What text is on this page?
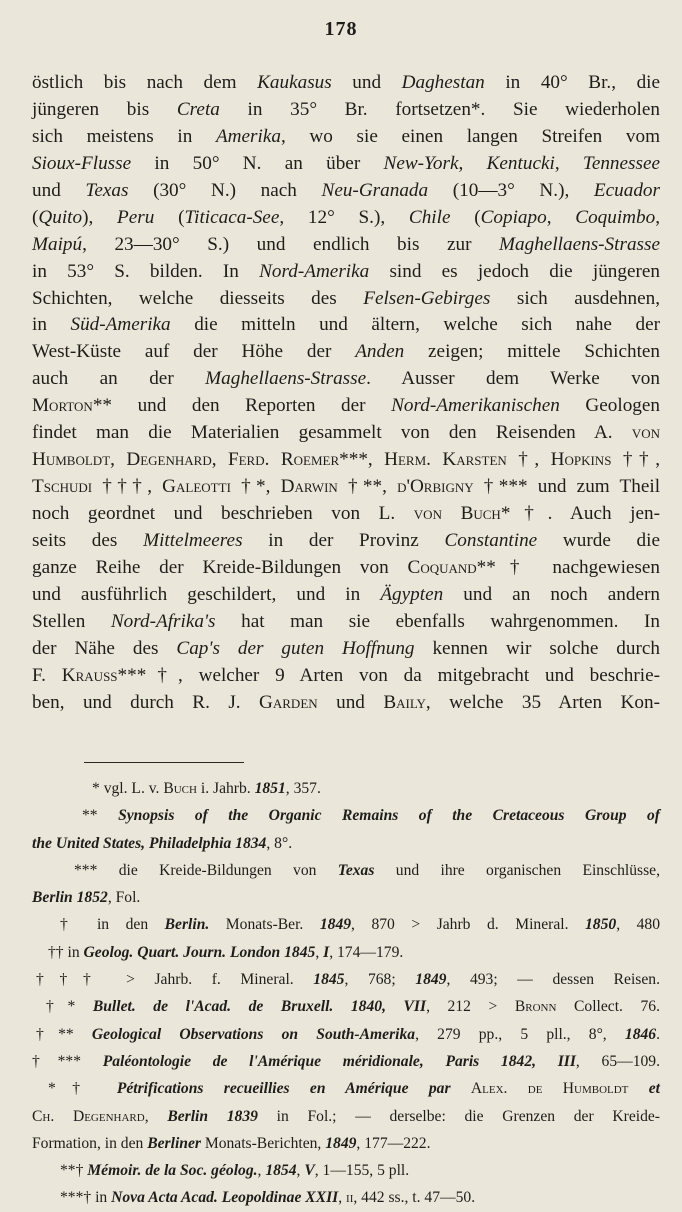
178
östlich bis nach dem Kaukasus und Daghestan in 40° Br., die
jüngeren bis Creta in 35° Br. fortsetzen*. Sie wiederholen
sich meistens in Amerika, wo sie einen langen Streifen vom
Sioux-Flusse in 50° N. an über New-York, Kentucki, Tennessee
und Texas (30° N.) nach Neu-Granada (10—3° N.), Ecuador
(Quito), Peru (Titicaca-See, 12° S.), Chile (Copiapo, Coquimbo,
Maipú, 23—30° S.) und endlich bis zur Maghellaens-Strasse
in 53° S. bilden. In Nord-Amerika sind es jedoch die jüngeren
Schichten, welche diesseits des Felsen-Gebirges sich ausdehnen,
in Süd-Amerika die mitteln und ältern, welche sich nahe der
West-Küste auf der Höhe der Anden zeigen; mittele Schichten
auch an der Maghellaens-Strasse. Ausser dem Werke von
Morton** und den Reporten der Nord-Amerikanischen Geologen
findet man die Materialien gesammelt von den Reisenden A. von
Humboldt, Degenhard, Ferd. Roemer***, Herm. Karsten †, Hopkins ††,
Tschudi †††, Galeotti †*, Darwin †**, d'Orbigny †*** und zum Theil
noch geordnet und beschrieben von L. von Buch*†. Auch jen-
seits des Mittelmeeres in der Provinz Constantine wurde die
ganze Reihe der Kreide-Bildungen von Coquand**† nachgewiesen
und ausführlich geschildert, und in Ägypten und an noch andern
Stellen Nord-Afrika's hat man sie ebenfalls wahrgenommen. In
der Nähe des Cap's der guten Hoffnung kennen wir solche durch
F. Krauss***†, welcher 9 Arten von da mitgebracht und beschrie-
ben, und durch R. J. Garden und Baily, welche 35 Arten Kon-
* vgl. L. v. Buch i. Jahrb. 1851, 357.
** Synopsis of the Organic Remains of the Cretaceous Group of
the United States, Philadelphia 1834, 8°.
*** die Kreide-Bildungen von Texas und ihre organischen Einschlüsse,
Berlin 1852, Fol.
† in den Berlin. Monats-Ber. 1849, 870 > Jahrb d. Mineral. 1850, 480
†† in Geolog. Quart. Journ. London 1845, I, 174—179.
††† > Jahrb. f. Mineral. 1845, 768; 1849, 493; — dessen Reisen.
†* Bullet. de l'Acad. de Bruxell. 1840, VII, 212 > Bronn Collect. 76.
†** Geological Observations on South-Amerika, 279 pp., 5 pll., 8°, 1846.
†*** Paléontologie de l'Amérique méridionale, Paris 1842, III, 65—109.
*† Pétrifications recueillies en Amérique par Alex. de Humboldt et
Ch. Degenhard, Berlin 1839 in Fol.; — derselbe: die Grenzen der Kreide-
Formation, in den Berliner Monats-Berichten, 1849, 177—222.
**† Mémoir. de la Soc. géolog., 1854, V, 1—155, 5 pll.
***† in Nova Acta Acad. Leopoldinae XXII, ii, 442 ss., t. 47—50.
